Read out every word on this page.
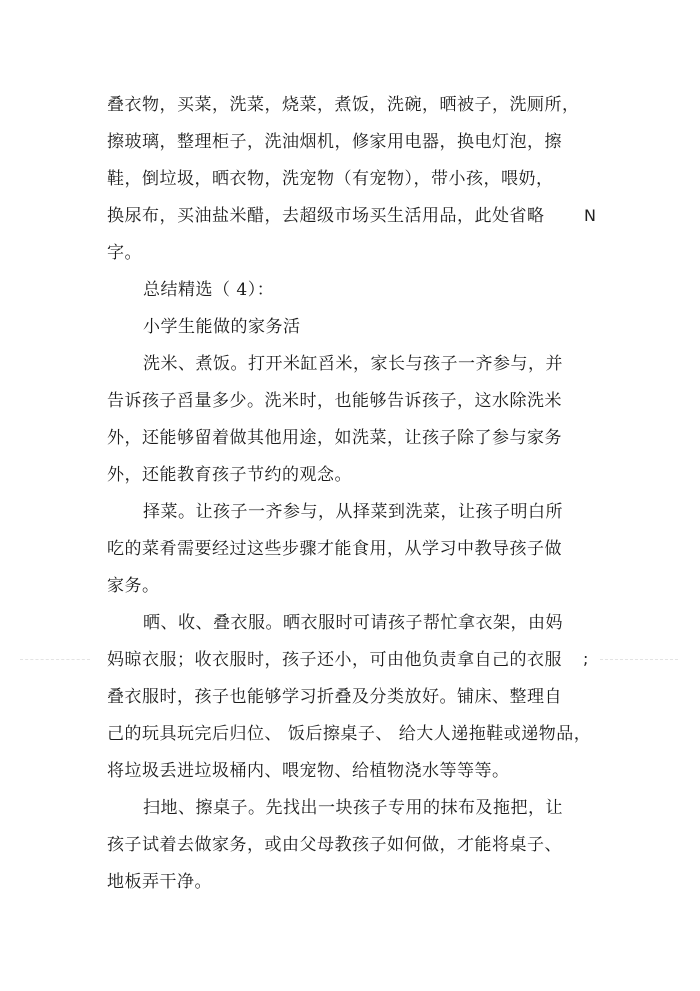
叠衣物，买菜，洗菜，烧菜，煮饭，洗碗，晒被子，洗厕所，
擦玻璃，整理柜子，洗油烟机，修家用电器，换电灯泡，擦
鞋，倒垃圾，晒衣物，洗宠物（有宠物），带小孩，喂奶，
换尿布，买油盐米醋，去超级市场买生活用品，此处省略
字。
总结精选（ 4）：
小学生能做的家务活
洗米、煮饭。打开米缸舀米，家长与孩子一齐参与，并
告诉孩子舀量多少。洗米时，也能够告诉孩子，这水除洗米
外，还能够留着做其他用途，如洗菜，让孩子除了参与家务
外，还能教育孩子节约的观念。
择菜。让孩子一齐参与，从择菜到洗菜，让孩子明白所
吃的菜肴需要经过这些步骤才能食用，从学习中教导孩子做
家务。
晒、收、叠衣服。晒衣服时可请孩子帮忙拿衣架，由妈
妈晾衣服；收衣服时，孩子还小，可由他负责拿自己的衣服
叠衣服时，孩子也能够学习折叠及分类放好。铺床、整理自
己的玩具玩完后归位、 饭后擦桌子、 给大人递拖鞋或递物品，
将垃圾丢进垃圾桶内、喂宠物、给植物浇水等等等。
扫地、擦桌子。先找出一块孩子专用的抹布及拖把，让
孩子试着去做家务，或由父母教孩子如何做，才能将桌子、
地板弄干净。
N
;
